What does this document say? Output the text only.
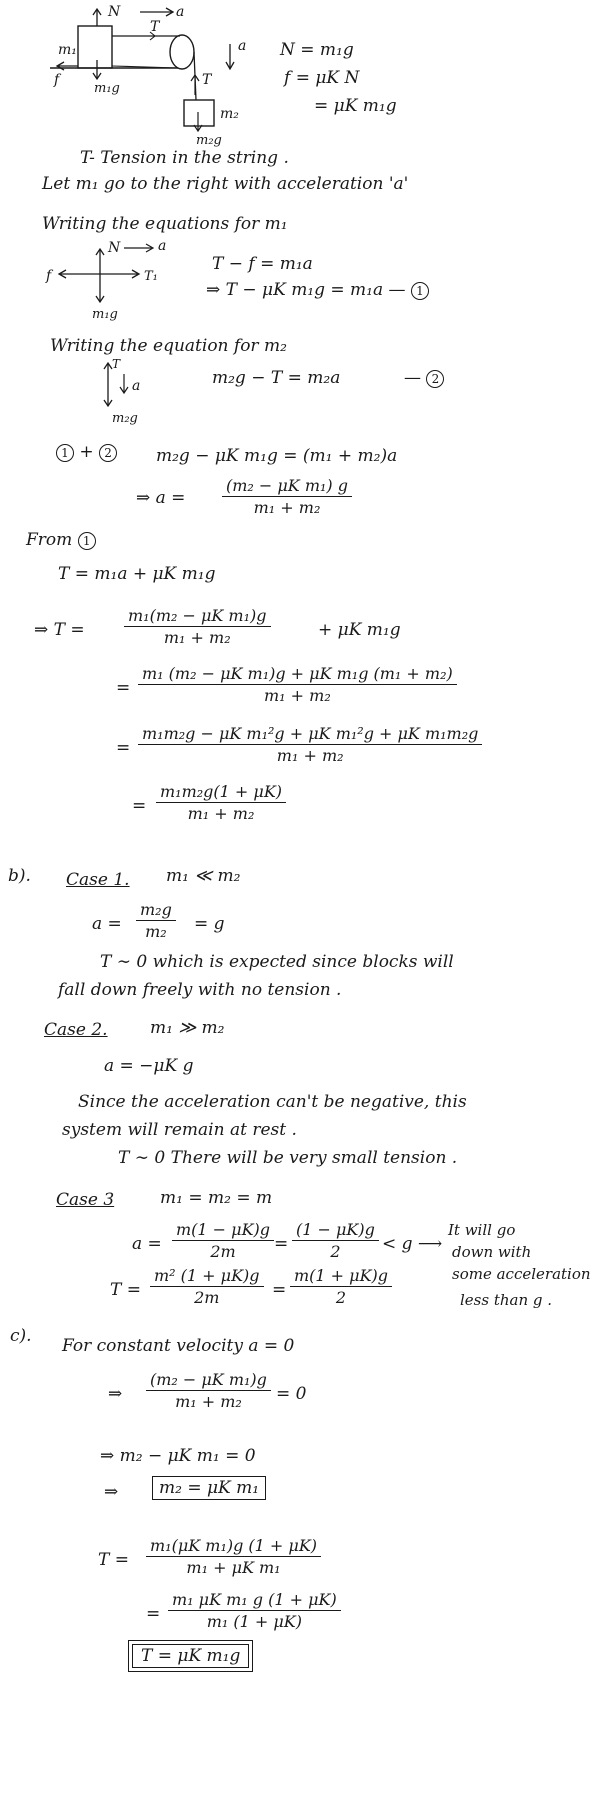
N	a
T
m₁
f
m₁g
a
T
m₂
m₂g
N = m₁g
f = μK N
= μK m₁g
T- Tension in the string .
Let m₁ go to the right with acceleration 'a'
Writing the equations for m₁
N	a
T₁
f
m₁g
T − f = m₁a
⇒ T − μK m₁g = m₁a — 1
Writing the equation for m₂
T
a
m₂g
m₂g − T = m₂a	— 2
1 + 2	m₂g − μK m₁g = (m₁ + m₂)a
⇒ $a = \frac{\text{(m₂ − μK m₁) g}}{\text{m₁ + m₂}}$
From 1
T = m₁a + μK m₁g
⇒ $T = \frac{\text{m₁(m₂ − μK m₁)g}}{\text{m₁ + m₂}}$	+ μK m₁g
= $\frac{\text{m₁ (m₂ − μK m₁)g + μK m₁g (m₁ + m₂)}}{\text{m₁ + m₂}}$
= $\frac{\text{m₁m₂g − μK m₁²g + μK m₁²g + μK m₁m₂g}}{\text{m₁ + m₂}}$
= $\frac{\text{m₁m₂g(1 + μK)}}{\text{m₁ + m₂}}$
b). Case 1. m₁ ≪ m₂
$a = \frac{\text{m₂g}}{\text{m₂}} = g$
T ∼ 0 which is expected since blocks will
fall down freely with no tension .
Case 2. m₁ ≫ m₂
a = −μK g
Since the acceleration can't be negative, this
system will remain at rest .
T ∼ 0 There will be very small tension .
Case 3	m₁ = m₂ = m
$a = \frac{m(1 - \mu K)g}{2m} = \frac{(1 - \mu K)g}{2} < g$ ⟶
It will go
down with
some acceleration
less than g .
$T = \frac{\text{m² (1 + μK)g}}{2m} = \frac{m(1 + \mu K)g}{2}$
c). For constant velocity a = 0
⇒ $\frac{\text{(m₂ − μK m₁)g}}{\text{m₁ + m₂}} = 0$
⇒ m₂ − μK m₁ = 0
⇒	m₂ = μK m₁
$T = \frac{\text{m₁(μK m₁)g (1 + μK)}}{\text{m₁ + μK m₁}}$
= $\frac{\text{m₁ μK m₁ g (1 + μK)}}{\text{m₁ (1 + μK)}}$
T = μK m₁g
